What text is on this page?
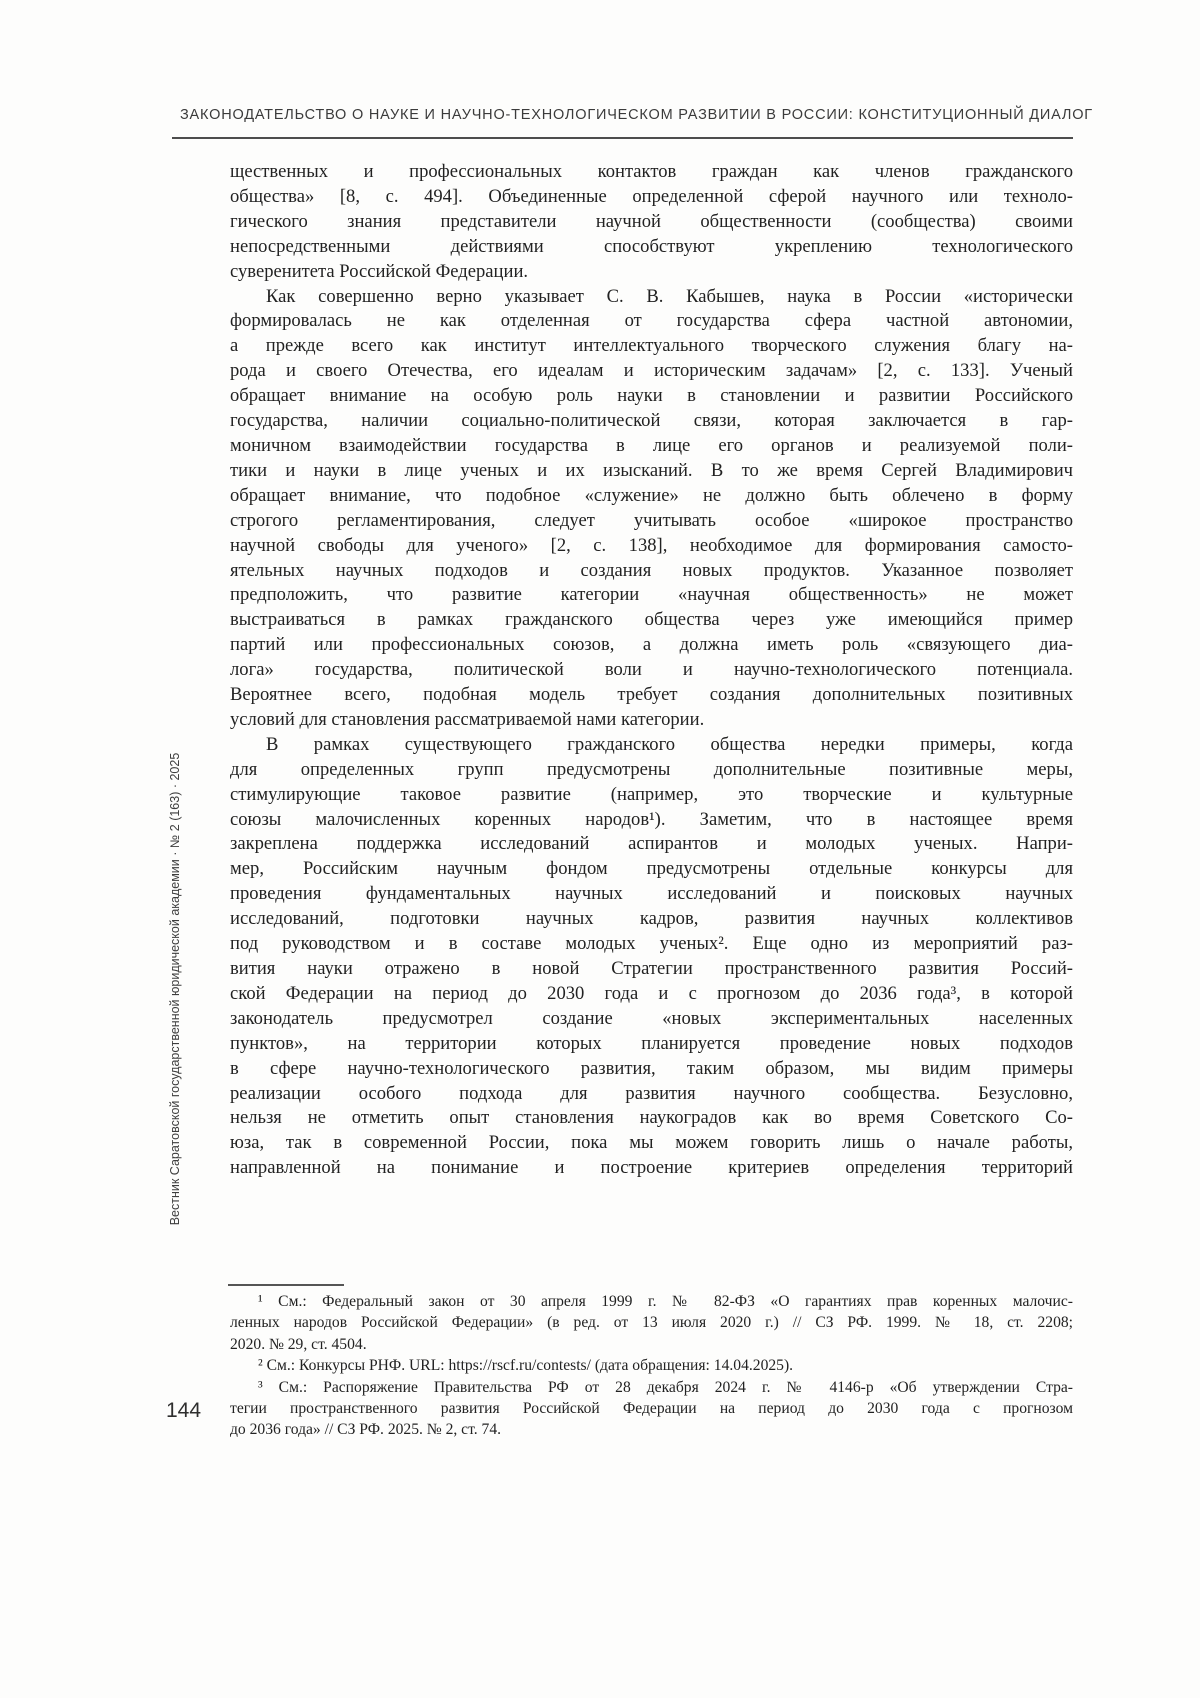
ЗАКОНОДАТЕЛЬСТВО О НАУКЕ И НАУЧНО-ТЕХНОЛОГИЧЕСКОМ РАЗВИТИИ В РОССИИ: КОНСТИТУЦИОННЫЙ ДИАЛОГ
Вестник Саратовской государственной юридической академии · № 2 (163) · 2025
щественных и профессиональных контактов граждан как членов гражданского
общества» [8, с. 494]. Объединенные определенной сферой научного или техноло-
гического знания представители научной общественности (сообщества) своими
непосредственными действиями способствуют укреплению технологического
суверенитета Российской Федерации.
Как совершенно верно указывает С. В. Кабышев, наука в России «исторически
формировалась не как отделенная от государства сфера частной автономии,
а прежде всего как институт интеллектуального творческого служения благу на-
рода и своего Отечества, его идеалам и историческим задачам» [2, с. 133]. Ученый
обращает внимание на особую роль науки в становлении и развитии Российского
государства, наличии социально-политической связи, которая заключается в гар-
моничном взаимодействии государства в лице его органов и реализуемой поли-
тики и науки в лице ученых и их изысканий. В то же время Сергей Владимирович
обращает внимание, что подобное «служение» не должно быть облечено в форму
строгого регламентирования, следует учитывать особое «широкое пространство
научной свободы для ученого» [2, с. 138], необходимое для формирования самосто-
ятельных научных подходов и создания новых продуктов. Указанное позволяет
предположить, что развитие категории «научная общественность» не может
выстраиваться в рамках гражданского общества через уже имеющийся пример
партий или профессиональных союзов, а должна иметь роль «связующего диа-
лога» государства, политической воли и научно-технологического потенциала.
Вероятнее всего, подобная модель требует создания дополнительных позитивных
условий для становления рассматриваемой нами категории.
В рамках существующего гражданского общества нередки примеры, когда
для определенных групп предусмотрены дополнительные позитивные меры,
стимулирующие таковое развитие (например, это творческие и культурные
союзы малочисленных коренных народов¹). Заметим, что в настоящее время
закреплена поддержка исследований аспирантов и молодых ученых. Напри-
мер, Российским научным фондом предусмотрены отдельные конкурсы для
проведения фундаментальных научных исследований и поисковых научных
исследований, подготовки научных кадров, развития научных коллективов
под руководством и в составе молодых ученых². Еще одно из мероприятий раз-
вития науки отражено в новой Стратегии пространственного развития Россий-
ской Федерации на период до 2030 года и с прогнозом до 2036 года³, в которой
законодатель предусмотрел создание «новых экспериментальных населенных
пунктов», на территории которых планируется проведение новых подходов
в сфере научно-технологического развития, таким образом, мы видим примеры
реализации особого подхода для развития научного сообщества. Безусловно,
нельзя не отметить опыт становления наукоградов как во время Советского Со-
юза, так в современной России, пока мы можем говорить лишь о начале работы,
направленной на понимание и построение критериев определения территорий
¹ См.: Федеральный закон от 30 апреля 1999 г. № 82-ФЗ «О гарантиях прав коренных малочис-
ленных народов Российской Федерации» (в ред. от 13 июля 2020 г.) // СЗ РФ. 1999. № 18, ст. 2208;
2020. № 29, ст. 4504.
² См.: Конкурсы РНФ. URL: https://rscf.ru/contests/ (дата обращения: 14.04.2025).
³ См.: Распоряжение Правительства РФ от 28 декабря 2024 г. № 4146-р «Об утверждении Стра-
тегии пространственного развития Российской Федерации на период до 2030 года с прогнозом
до 2036 года» // СЗ РФ. 2025. № 2, ст. 74.
144
